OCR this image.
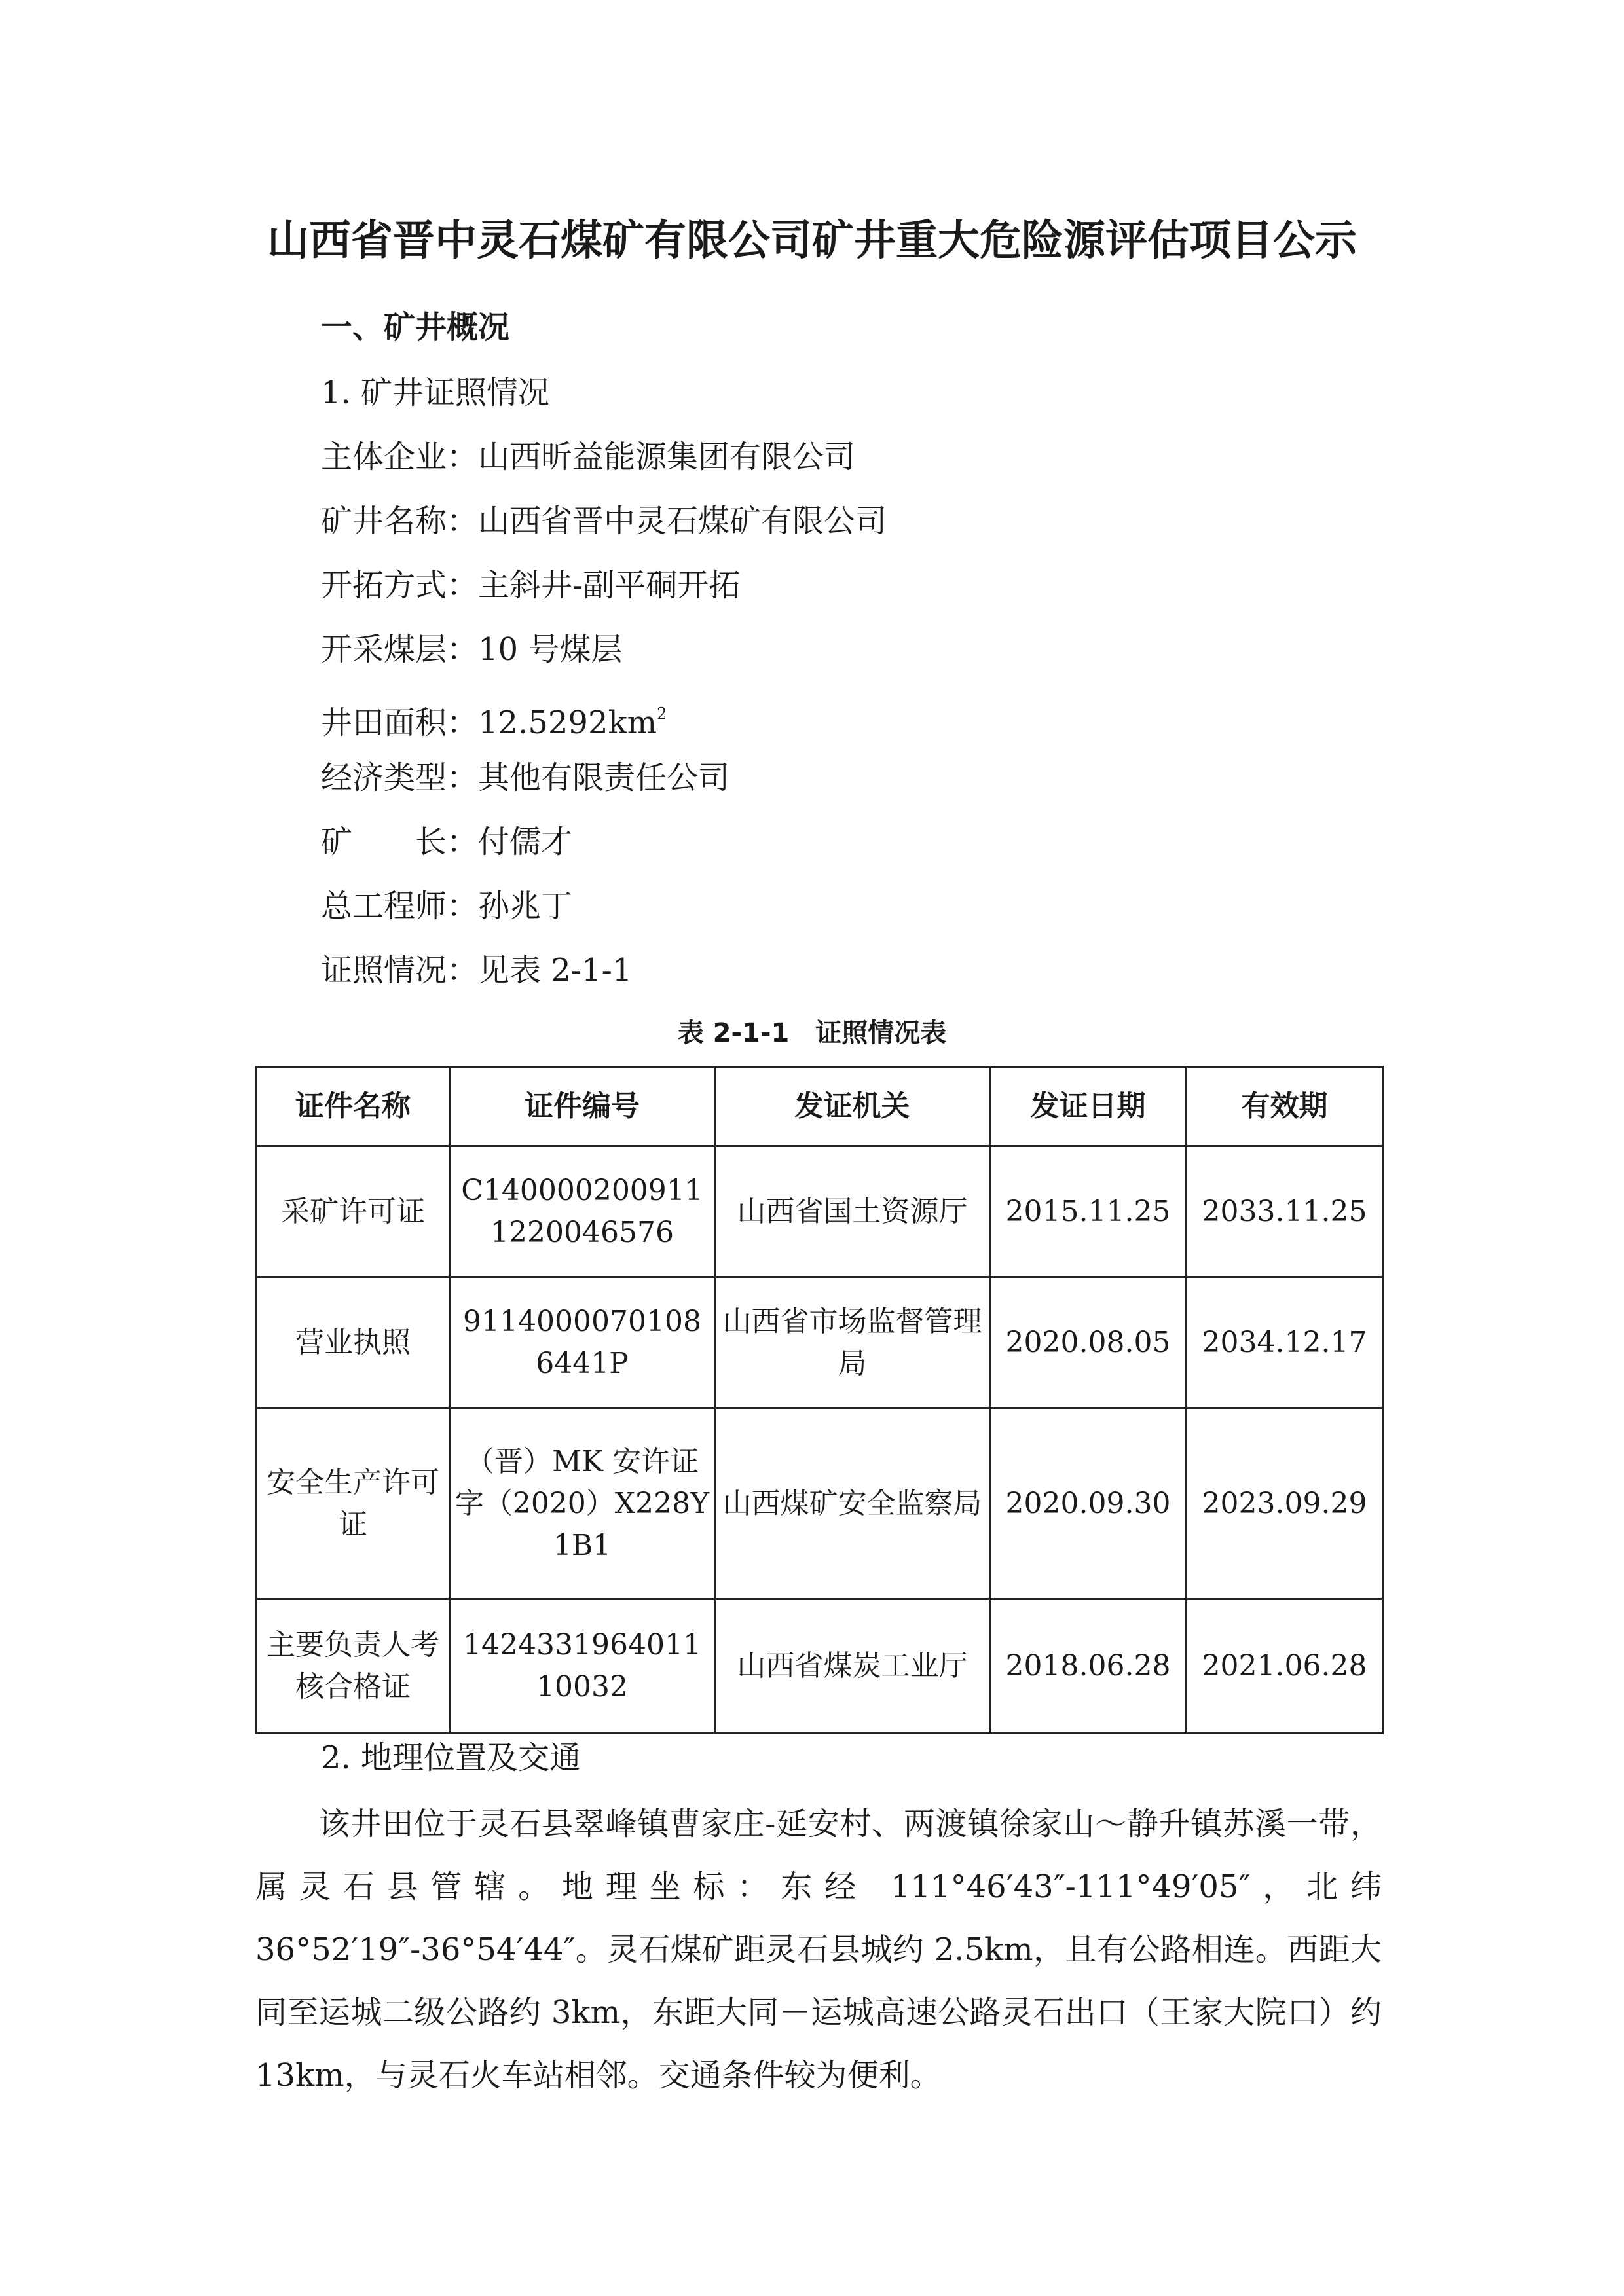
山西省晋中灵石煤矿有限公司矿井重大危险源评估项目公示
一、矿井概况
1. 矿井证照情况
主体企业：山西昕益能源集团有限公司
矿井名称：山西省晋中灵石煤矿有限公司
开拓方式：主斜井-副平硐开拓
开采煤层：10 号煤层
井田面积：$12.5292km^2$
经济类型：其他有限责任公司
矿　　长：付儒才
总工程师：孙兆丁
证照情况：见表 2-1-1
表 2-1-1　证照情况表
证件名称	证件编号	发证机关	发证日期	有效期
采矿许可证	C1400002009111220046576	山西省国土资源厅	2015.11.25	2033.11.25
营业执照	91140000701086441P	山西省市场监督管理局	2020.08.05	2034.12.17
安全生产许可证	（晋）MK 安许证字（2020）X228Y1B1	山西煤矿安全监察局	2020.09.30	2023.09.29
主要负责人考核合格证	142433196401110032	山西省煤炭工业厅	2018.06.28	2021.06.28
2. 地理位置及交通

该井田位于灵石县翠峰镇曹家庄-延安村、两渡镇徐家山～静升镇苏溪一带，属灵石县管辖。地理坐标：东经 111°46′43″-111°49′05″，北纬 36°52′19″-36°54′44″。灵石煤矿距灵石县城约 2.5km，且有公路相连。西距大同至运城二级公路约 3km，东距大同－运城高速公路灵石出口（王家大院口）约 13km，与灵石火车站相邻。交通条件较为便利。
